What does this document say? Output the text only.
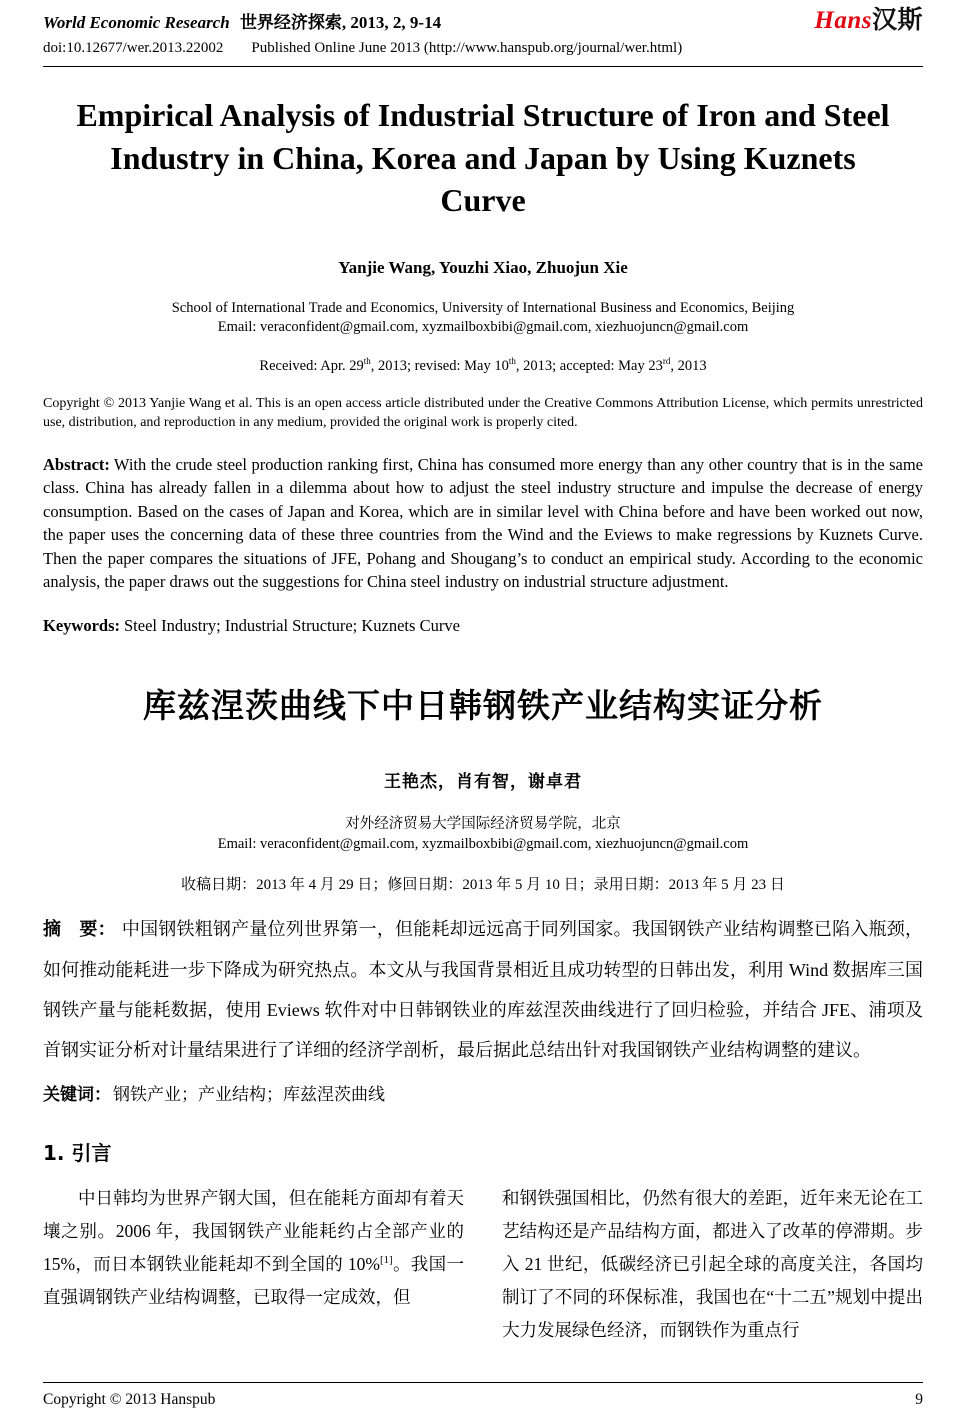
World Economic Research 世界经济探索, 2013, 2, 9-14	Hans汉斯
doi:10.12677/wer.2013.22002 Published Online June 2013 (http://www.hanspub.org/journal/wer.html)
Empirical Analysis of Industrial Structure of Iron and Steel Industry in China, Korea and Japan by Using Kuznets Curve
Yanjie Wang, Youzhi Xiao, Zhuojun Xie
School of International Trade and Economics, University of International Business and Economics, Beijing
Email: veraconfident@gmail.com, xyzmailboxbibi@gmail.com, xiezhuojuncn@gmail.com
Received: Apr. 29th, 2013; revised: May 10th, 2013; accepted: May 23rd, 2013

Copyright © 2013 Yanjie Wang et al. This is an open access article distributed under the Creative Commons Attribution License, which permits unrestricted use, distribution, and reproduction in any medium, provided the original work is properly cited.

Abstract: With the crude steel production ranking first, China has consumed more energy than any other country that is in the same class. China has already fallen in a dilemma about how to adjust the steel industry structure and impulse the decrease of energy consumption. Based on the cases of Japan and Korea, which are in similar level with China before and have been worked out now, the paper uses the concerning data of these three countries from the Wind and the Eviews to make regressions by Kuznets Curve. Then the paper compares the situations of JFE, Pohang and Shougang’s to conduct an empirical study. According to the economic analysis, the paper draws out the suggestions for China steel industry on industrial structure adjustment.

Keywords: Steel Industry; Industrial Structure; Kuznets Curve

库兹涅茨曲线下中日韩钢铁产业结构实证分析
王艳杰，肖有智，谢卓君
对外经济贸易大学国际经济贸易学院，北京
Email: veraconfident@gmail.com, xyzmailboxbibi@gmail.com, xiezhuojuncn@gmail.com
收稿日期：2013 年 4 月 29 日；修回日期：2013 年 5 月 10 日；录用日期：2013 年 5 月 23 日

摘　要： 中国钢铁粗钢产量位列世界第一，但能耗却远远高于同列国家。我国钢铁产业结构调整已陷入瓶颈，如何推动能耗进一步下降成为研究热点。本文从与我国背景相近且成功转型的日韩出发，利用 Wind 数据库三国钢铁产量与能耗数据，使用 Eviews 软件对中日韩钢铁业的库兹涅茨曲线进行了回归检验，并结合 JFE、浦项及首钢实证分析对计量结果进行了详细的经济学剖析，最后据此总结出针对我国钢铁产业结构调整的建议。

关键词： 钢铁产业；产业结构；库兹涅茨曲线

1. 引言

中日韩均为世界产钢大国，但在能耗方面却有着天壤之别。2006 年，我国钢铁产业能耗约占全部产业的 15%，而日本钢铁业能耗却不到全国的 10%[1]。我国一直强调钢铁产业结构调整，已取得一定成效，但

和钢铁强国相比，仍然有很大的差距，近年来无论在工艺结构还是产品结构方面，都进入了改革的停滞期。步入 21 世纪，低碳经济已引起全球的高度关注，各国均制订了不同的环保标准，我国也在“十二五”规划中提出大力发展绿色经济，而钢铁作为重点行

Copyright © 2013 Hanspub	9
